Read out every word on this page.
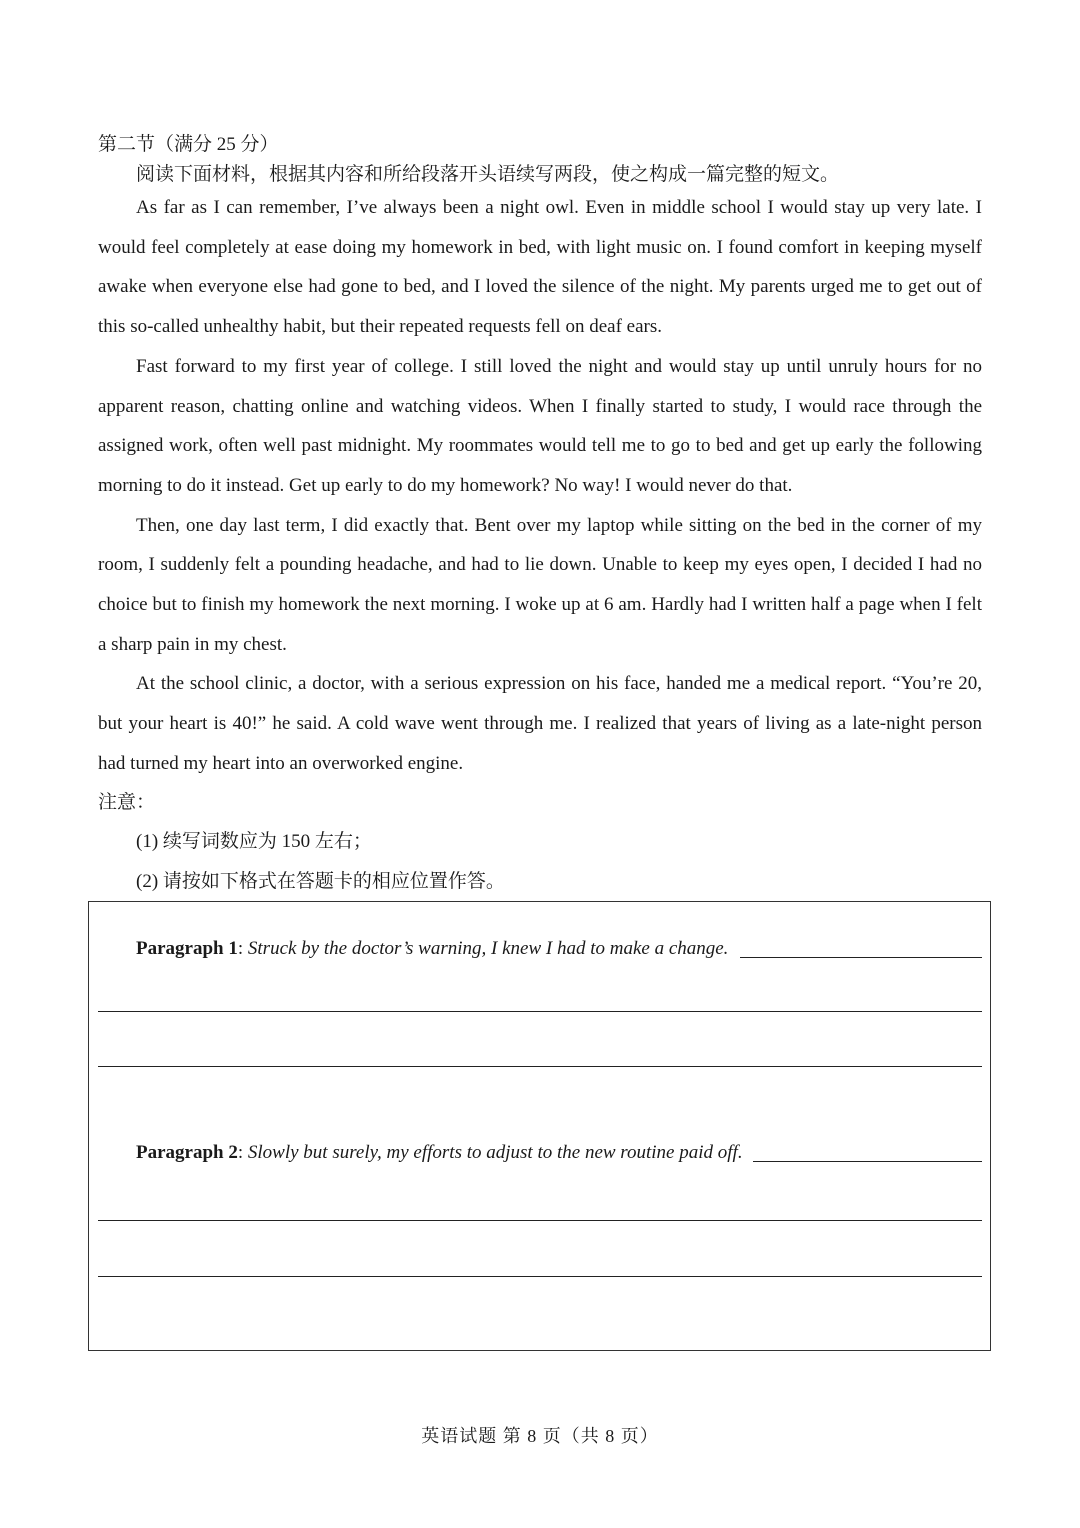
第二节（满分 25 分）
阅读下面材料，根据其内容和所给段落开头语续写两段，使之构成一篇完整的短文。

As far as I can remember, I’ve always been a night owl. Even in middle school I would stay up very late. I would feel completely at ease doing my homework in bed, with light music on. I found comfort in keeping myself awake when everyone else had gone to bed, and I loved the silence of the night. My parents urged me to get out of this so-called unhealthy habit, but their repeated requests fell on deaf ears.

Fast forward to my first year of college. I still loved the night and would stay up until unruly hours for no apparent reason, chatting online and watching videos. When I finally started to study, I would race through the assigned work, often well past midnight. My roommates would tell me to go to bed and get up early the following morning to do it instead. Get up early to do my homework? No way! I would never do that.

Then, one day last term, I did exactly that. Bent over my laptop while sitting on the bed in the corner of my room, I suddenly felt a pounding headache, and had to lie down. Unable to keep my eyes open, I decided I had no choice but to finish my homework the next morning. I woke up at 6 am. Hardly had I written half a page when I felt a sharp pain in my chest.

At the school clinic, a doctor, with a serious expression on his face, handed me a medical report. “You’re 20, but your heart is 40!” he said. A cold wave went through me. I realized that years of living as a late-night person had turned my heart into an overworked engine.

注意：
(1) 续写词数应为 150 左右；
(2) 请按如下格式在答题卡的相应位置作答。
Paragraph 1: Struck by the doctor’s warning, I knew I had to make a change.
Paragraph 2: Slowly but surely, my efforts to adjust to the new routine paid off.
英语试题 第 8 页（共 8 页）
